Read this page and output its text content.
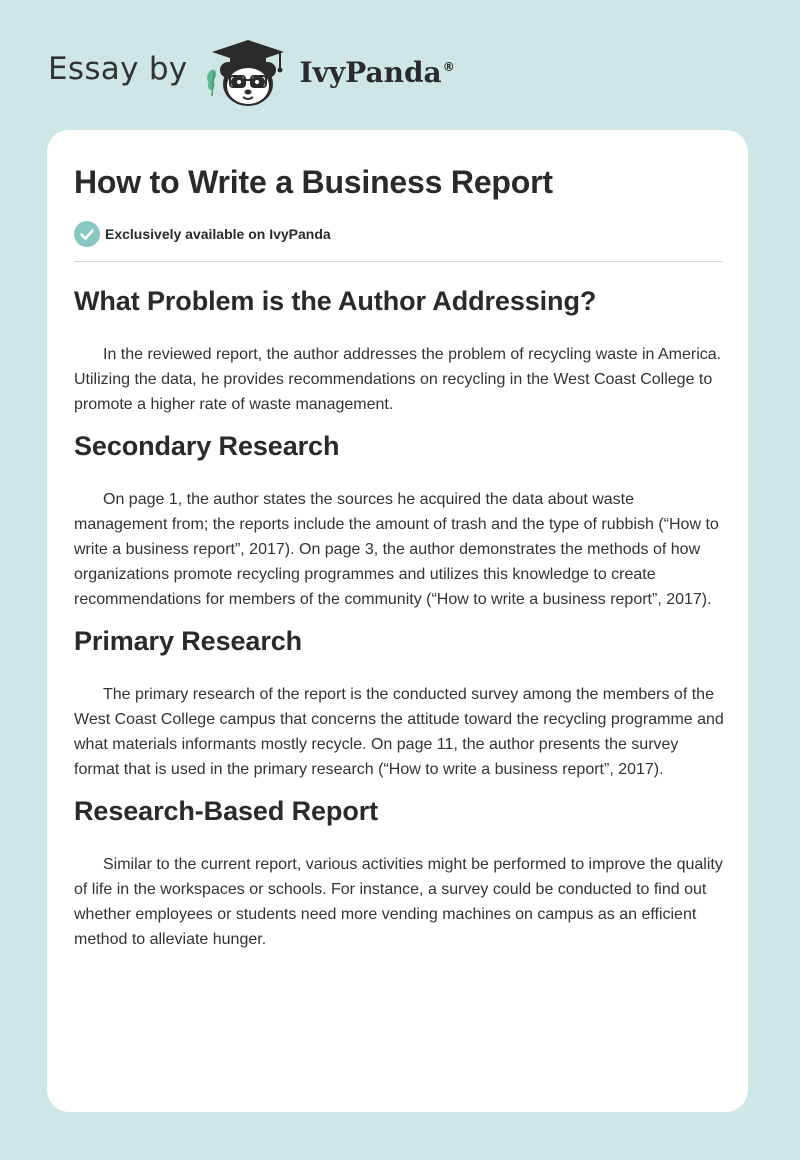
Essay by	IvyPanda®
How to Write a Business Report
Exclusively available on IvyPanda
What Problem is the Author Addressing?

In the reviewed report, the author addresses the problem of recycling waste in America. Utilizing the data, he provides recommendations on recycling in the West Coast College to promote a higher rate of waste management.

Secondary Research

On page 1, the author states the sources he acquired the data about waste management from; the reports include the amount of trash and the type of rubbish (“How to write a business report”, 2017). On page 3, the author demonstrates the methods of how organizations promote recycling programmes and utilizes this knowledge to create recommendations for members of the community (“How to write a business report”, 2017).

Primary Research

The primary research of the report is the conducted survey among the members of the West Coast College campus that concerns the attitude toward the recycling programme and what materials informants mostly recycle. On page 11, the author presents the survey format that is used in the primary research (“How to write a business report”, 2017).

Research-Based Report

Similar to the current report, various activities might be performed to improve the quality of life in the workspaces or schools. For instance, a survey could be conducted to find out whether employees or students need more vending machines on campus as an efficient method to alleviate hunger.
